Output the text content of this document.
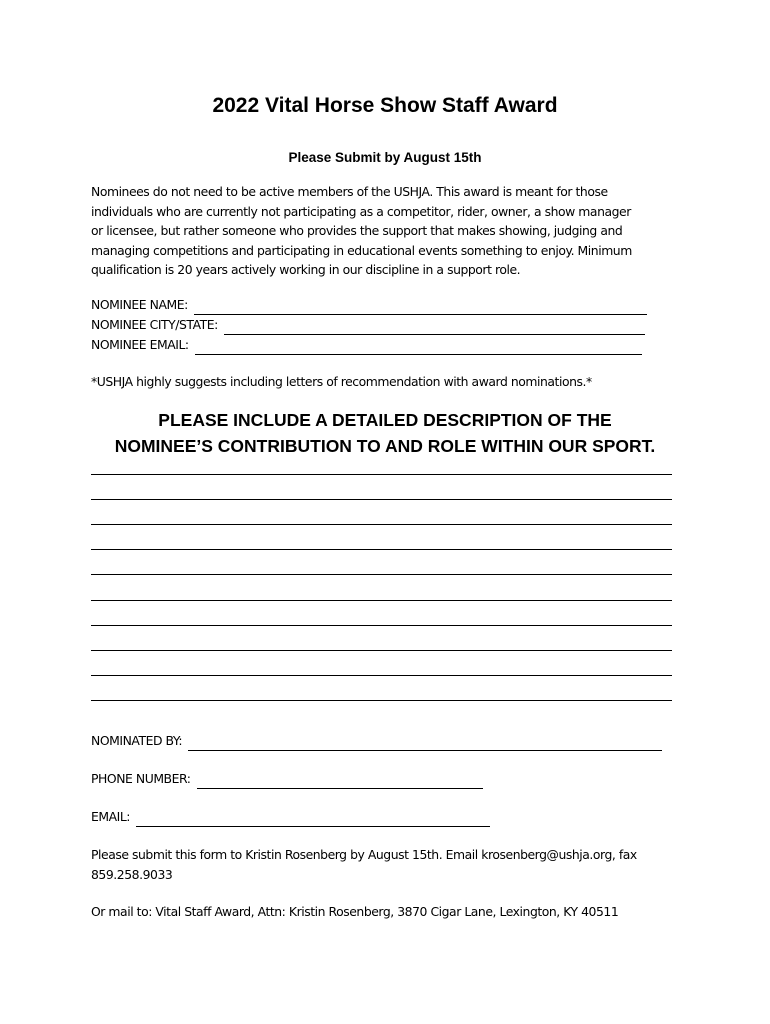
2022 Vital Horse Show Staff Award
Please Submit by August 15th
Nominees do not need to be active members of the USHJA. This award is meant for those
individuals who are currently not participating as a competitor, rider, owner, a show manager
or licensee, but rather someone who provides the support that makes showing, judging and
managing competitions and participating in educational events something to enjoy. Minimum
qualification is 20 years actively working in our discipline in a support role.
NOMINEE NAME:
NOMINEE CITY/STATE:
NOMINEE EMAIL:
*USHJA highly suggests including letters of recommendation with award nominations.*
PLEASE INCLUDE A DETAILED DESCRIPTION OF THE
NOMINEE’S CONTRIBUTION TO AND ROLE WITHIN OUR SPORT.
NOMINATED BY:
PHONE NUMBER:
EMAIL:
Please submit this form to Kristin Rosenberg by August 15th. Email krosenberg@ushja.org, fax
859.258.9033
Or mail to: Vital Staff Award, Attn: Kristin Rosenberg, 3870 Cigar Lane, Lexington, KY 40511
